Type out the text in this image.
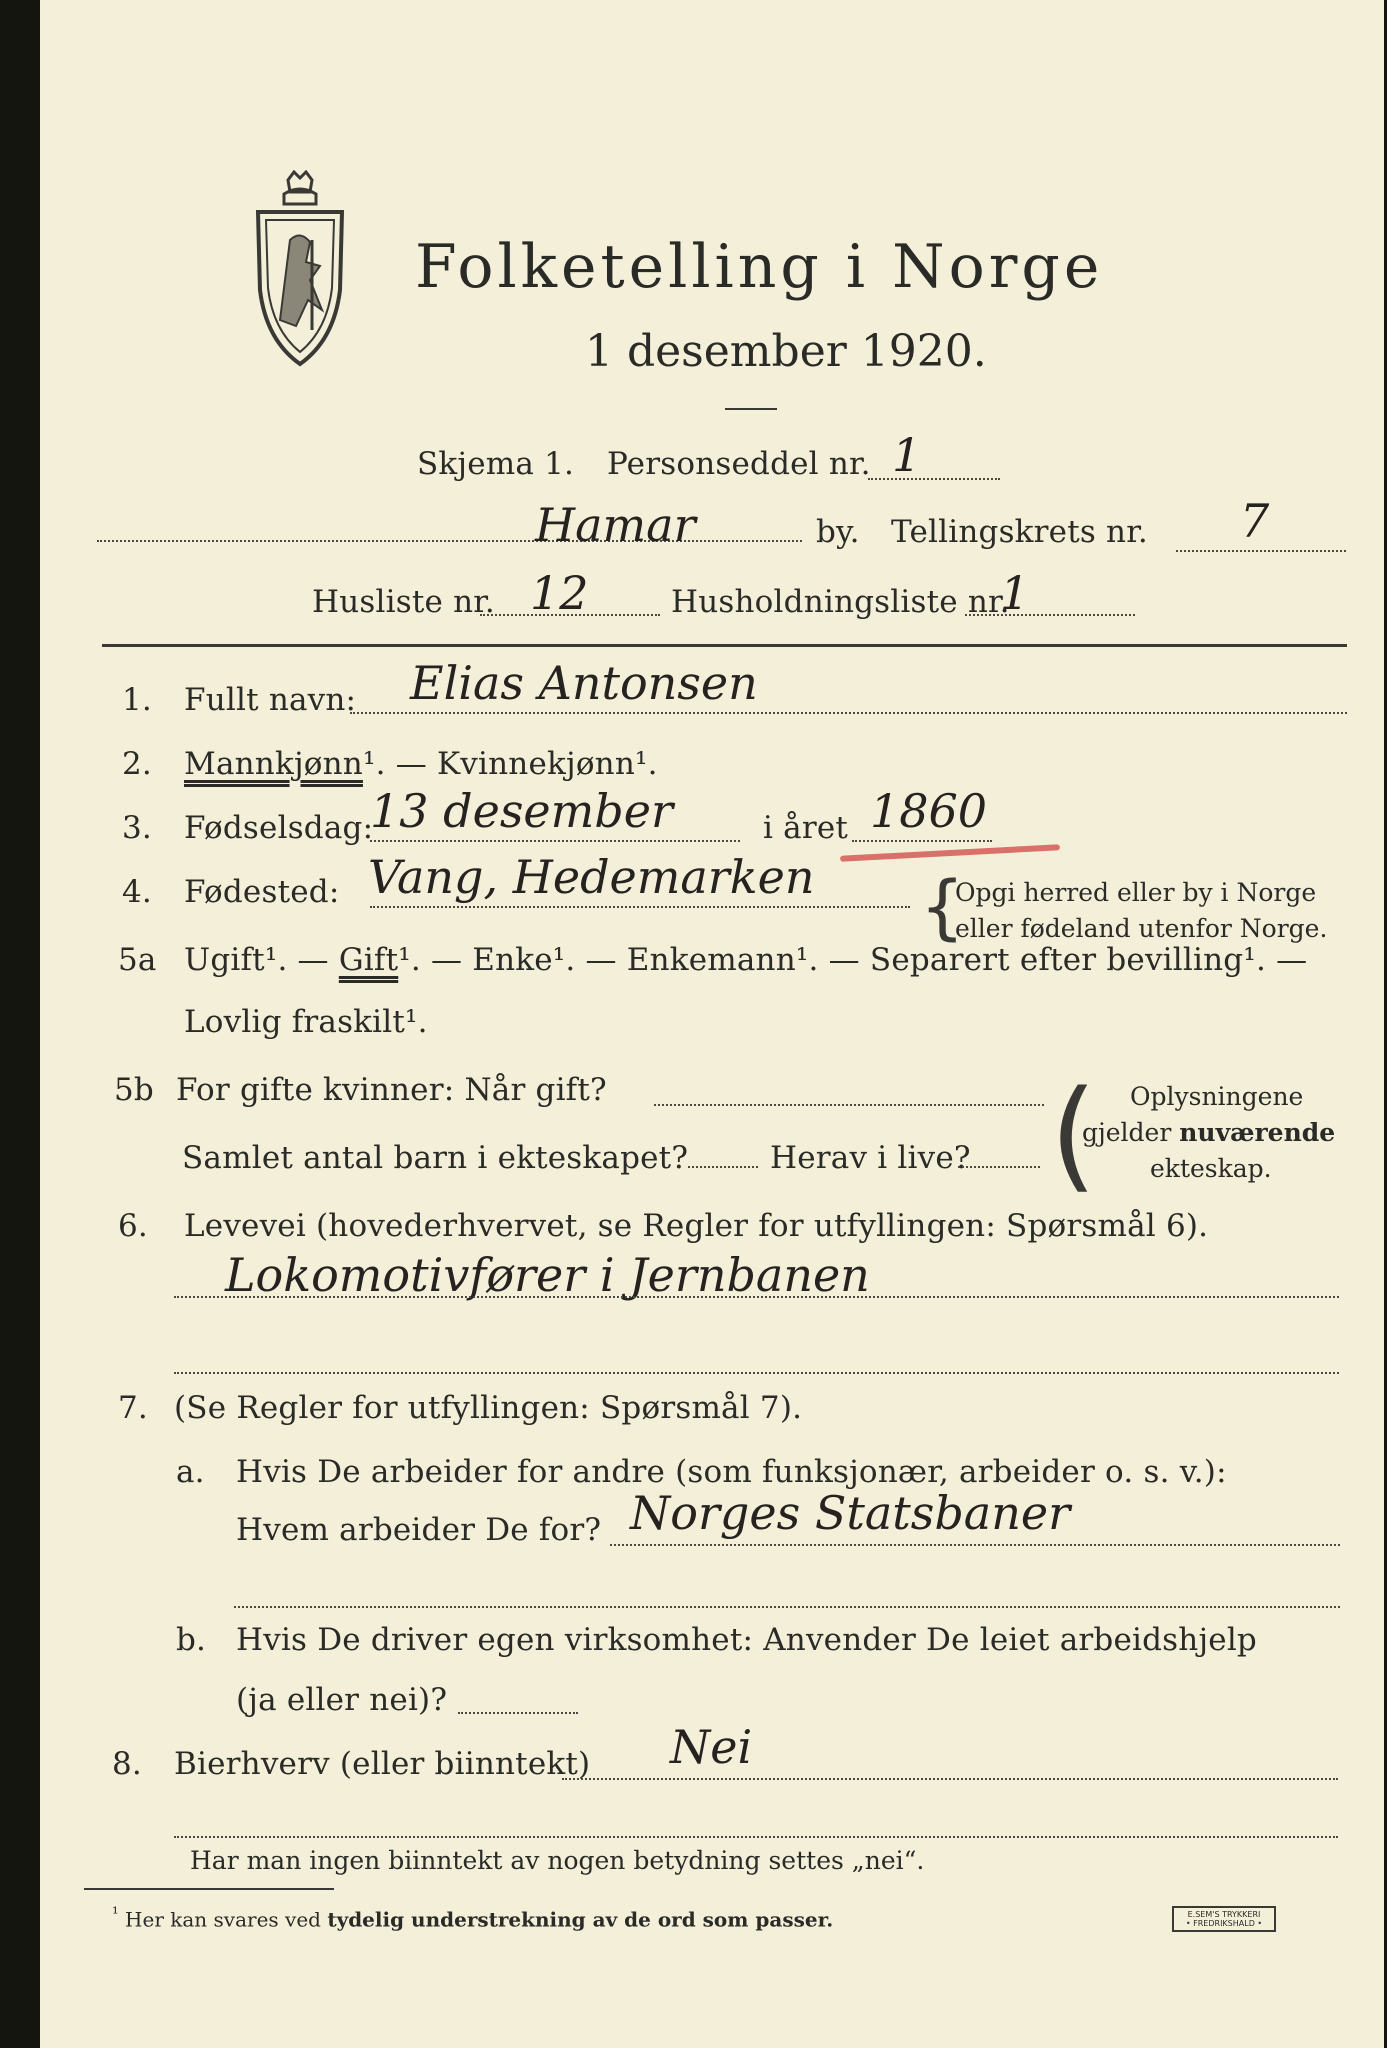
Folketelling i Norge
1 desember 1920.
Skjema 1. Personseddel nr. 1
Hamar	by. Tellingskrets nr. 7
Husliste nr. 12	Husholdningsliste nr.
1
1. Fullt navn: Elias Antonsen
2. Mannkjønn¹. — Kvinnekjønn¹.
3. Fødselsdag:
13 desember	i året 1860
4. Fødested: Vang, Hedemarken {
Opgi herred eller by i Norge
eller fødeland utenfor Norge.
5a Ugift¹. — Gift¹. — Enke¹. — Enkemann¹. — Separert efter bevilling¹. —
Lovlig fraskilt¹.
5b For gifte kvinner: Når gift?
Samlet antal barn i ekteskapet?	Herav i live? ( Oplysningene
gjelder nuværende
ekteskap.
6. Levevei (hovederhvervet, se Regler for utfyllingen: Spørsmål 6).
Lokomotivfører i Jernbanen
7. (Se Regler for utfyllingen: Spørsmål 7).
a. Hvis De arbeider for andre (som funksjonær, arbeider o. s. v.):
Hvem arbeider De for? Norges Statsbaner
b. Hvis De driver egen virksomhet: Anvender De leiet arbeidshjelp
(ja eller nei)?
8. Bierhverv (eller biinntekt) Nei
Har man ingen biinntekt av nogen betydning settes „nei“.
$^{^1}$ Her kan svares ved tydelig understrekning av de ord som passer.	E.SEM'S TRYKKERI
• FREDRIKSHALD •
